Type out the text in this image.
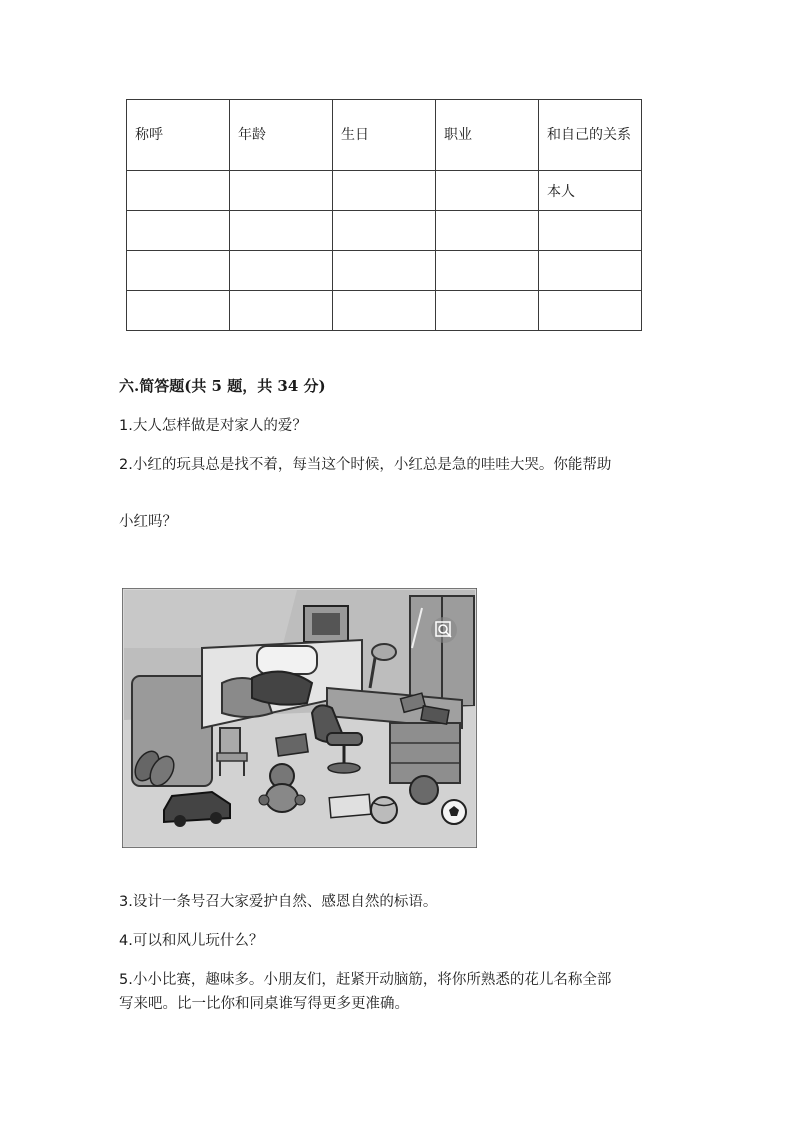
称呼	年龄	生日	职业	和自己的关系

				本人

六.简答题(共 5 题，共 34 分)
1.大人怎样做是对家人的爱？
2.小红的玩具总是找不着，每当这个时候，小红总是急的哇哇大哭。你能帮助
小红吗？
3.设计一条号召大家爱护自然、感恩自然的标语。
4.可以和风儿玩什么？
5.小小比赛，趣味多。小朋友们，赶紧开动脑筋，将你所熟悉的花儿名称全部
写来吧。比一比你和同桌谁写得更多更准确。
